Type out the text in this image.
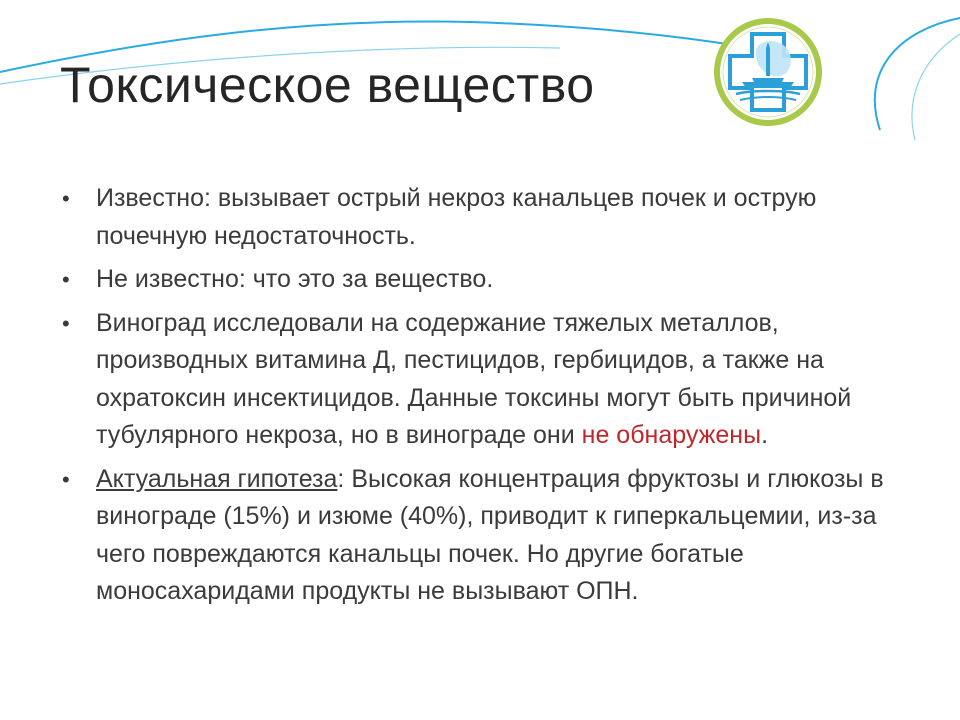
Токсическое вещество
• Известно: вызывает острый некроз канальцев почек и острую почечную недостаточность.
• Не известно: что это за вещество.
• Виноград исследовали на содержание тяжелых металлов, производных витамина Д, пестицидов, гербицидов, а также на охратоксин инсектицидов. Данные токсины могут быть причиной тубулярного некроза, но в винограде они не обнаружены.
• Актуальная гипотеза: Высокая концентрация фруктозы и глюкозы в винограде (15%) и изюме (40%), приводит к гиперкальцемии, из-за чего повреждаются канальцы почек. Но другие богатые моносахаридами продукты не вызывают ОПН.
